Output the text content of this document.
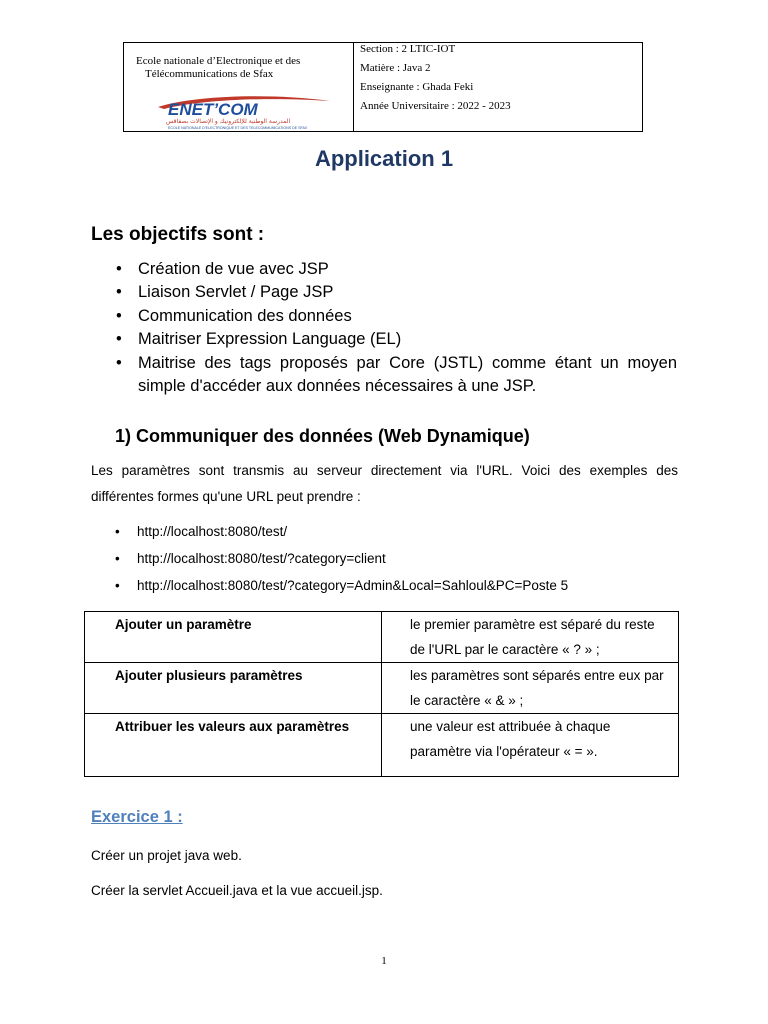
Ecole nationale d’Electronique et des
Télécommunications de Sfax
ENET’COM
المدرسة الوطنية للإلكترونيك و الإتصالات بصفاقس
ECOLE NATIONALE D’ELECTRONIQUE ET DES TELECOMMUNICATIONS DE SFAX
Section : 2 LTIC-IOT
Matière : Java 2
Enseignante : Ghada Feki
Année Universitaire : 2022 - 2023
Application 1
Les objectifs sont :
• Création de vue avec JSP
• Liaison Servlet / Page JSP
• Communication des données
• Maitriser Expression Language (EL)
• Maitrise des tags proposés par Core (JSTL) comme étant un moyen simple d'accéder aux données nécessaires à une JSP.
1) Communiquer des données (Web Dynamique)
Les paramètres sont transmis au serveur directement via l'URL. Voici des exemples des différentes formes qu'une URL peut prendre :
• http://localhost:8080/test/
• http://localhost:8080/test/?category=client
• http://localhost:8080/test/?category=Admin&Local=Sahloul&PC=Poste 5
Ajouter un paramètre	le premier paramètre est séparé du reste de l'URL par le caractère « ? » ;
Ajouter plusieurs paramètres	les paramètres sont séparés entre eux par le caractère « & » ;
Attribuer les valeurs aux paramètres	une valeur est attribuée à chaque paramètre via l'opérateur « = ».
Exercice 1 :
Créer un projet java web.
Créer la servlet Accueil.java et la vue accueil.jsp.
1
